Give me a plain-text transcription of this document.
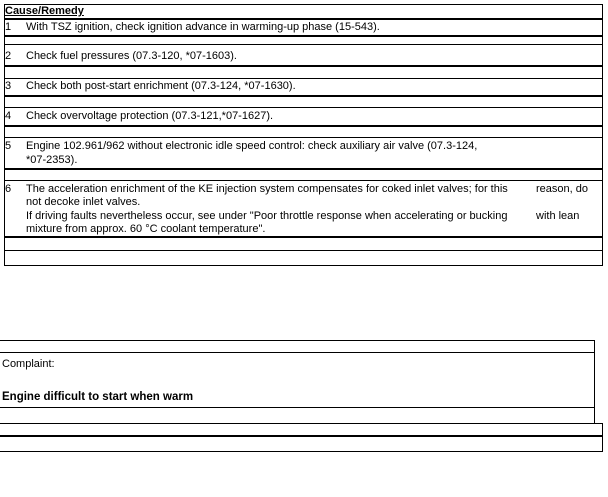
Cause/Remedy
1 With TSZ ignition, check ignition advance in warming-up phase (15-543).
2 Check fuel pressures (07.3-120, *07-1603).
3 Check both post-start enrichment (07.3-124, *07-1630).
4 Check overvoltage protection (07.3-121,*07-1627).
5 Engine 102.961/962 without electronic idle speed control: check auxiliary air valve (07.3-124,
*07-2353).
6 The acceleration enrichment of the KE injection system compensates for coked inlet valves; for this	reason, do
not decoke inlet valves.
If driving faults nevertheless occur, see under "Poor throttle response when accelerating or bucking	with lean
mixture from approx. 60 °C coolant temperature".
Complaint:
Engine difficult to start when warm
